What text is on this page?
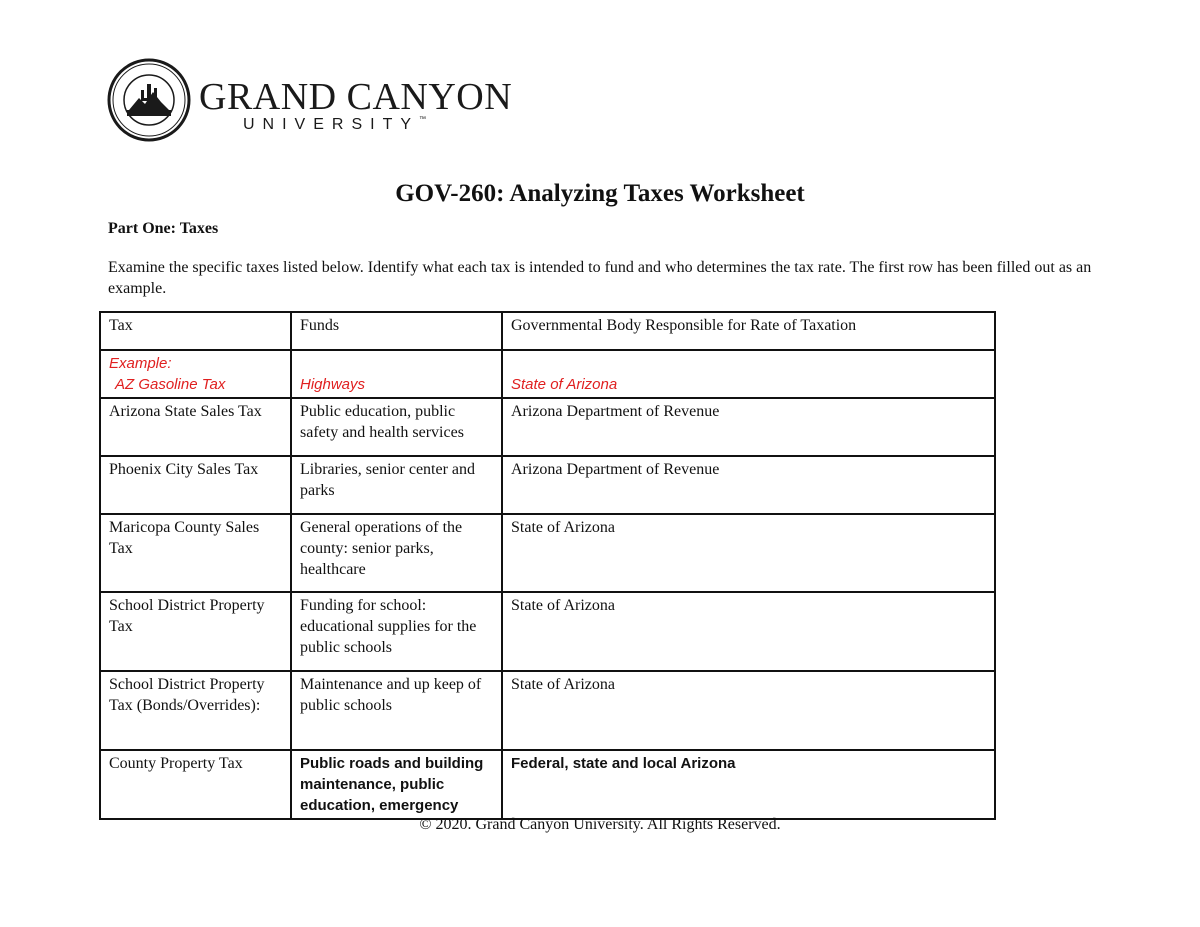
GRAND CANYON
UNIVERSITY™
GOV-260: Analyzing Taxes Worksheet
Part One: Taxes
Examine the specific taxes listed below. Identify what each tax is intended to fund and who determines the tax rate. The first row has been filled out as an example.
Tax	Funds	Governmental Body Responsible for Rate of Taxation

Example:
AZ Gasoline Tax	Highways	State of Arizona
Arizona State Sales Tax	Public education, public safety and health services	Arizona Department of Revenue
Phoenix City Sales Tax	Libraries, senior center and parks	Arizona Department of Revenue
Maricopa County Sales Tax	General operations of the county: senior parks, healthcare	State of Arizona
School District Property Tax	Funding for school: educational supplies for the public schools	State of Arizona
School District Property Tax (Bonds/Overrides):	Maintenance and up keep of public schools	State of Arizona
County Property Tax	Public roads and building maintenance, public education, emergency	Federal, state and local Arizona
© 2020. Grand Canyon University. All Rights Reserved.
